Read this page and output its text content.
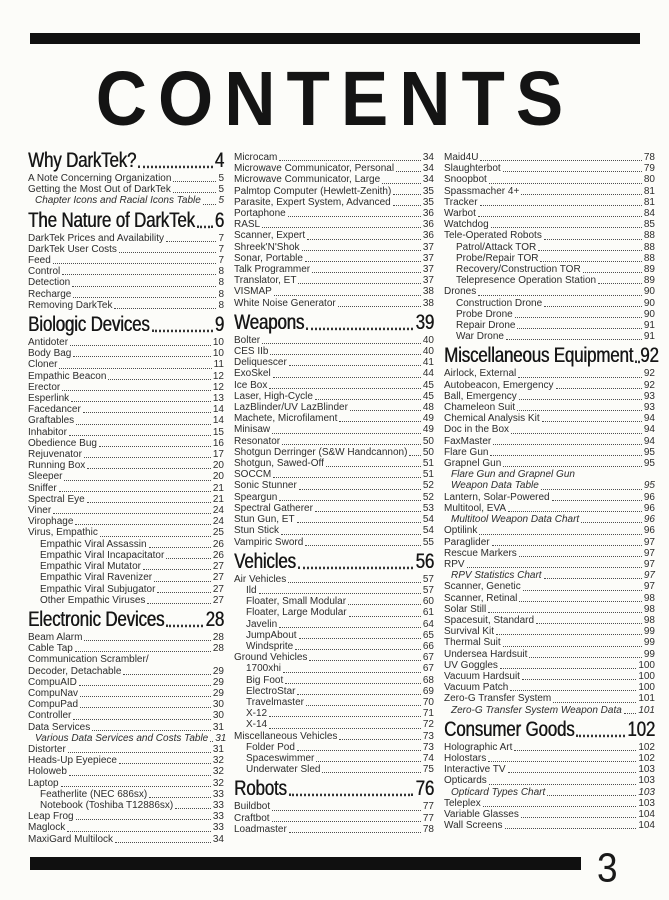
CONTENTS
Why DarkTek?	4
A Note Concerning Organization	5
Getting the Most Out of DarkTek	5
Chapter Icons and Racial Icons Table 5
The Nature of DarkTek 6
DarkTek Prices and Availability	7
DarkTek User Costs	7
Feed	7
Control	8
Detection	8
Recharge	8
Removing DarkTek	8
Biologic Devices	9
Antidoter	10
Body Bag	10
Cloner	11
Empathic Beacon	12
Erector	12
Esperlink	13
Facedancer	14
Graftables	14
Inhabitor	15
Obedience Bug	16
Rejuvenator	17
Running Box	20
Sleeper	20
Sniffer	21
Spectral Eye	21
Viner	24
Virophage	24
Virus, Empathic	25
Empathic Viral Assassin	26
Empathic Viral Incapacitator	26
Empathic Viral Mutator	27
Empathic Viral Ravenizer	27
Empathic Viral Subjugator	27
Other Empathic Viruses	27
Electronic Devices 28
Beam Alarm	28
Cable Tap	28
Communication Scrambler/
Decoder, Detachable	29
CompuAID	29
CompuNav	29
CompuPad	30
Controller	30
Data Services	31
Various Data Services and Costs Table 31
Distorter	31
Heads-Up Eyepiece	32
Holoweb	32
Laptop	32
Featherlite (NEC 686sx)	33
Notebook (Toshiba T12886sx)	33
Leap Frog	33
Maglock	33
MaxiGard Multilock	34
Microcam	34
Microwave Communicator, Personal	34
Microwave Communicator, Large	34
Palmtop Computer (Hewlett-Zenith)	35
Parasite, Expert System, Advanced	35
Portaphone	36
RASL	36
Scanner, Expert	36
Shreek'N'Shok	37
Sonar, Portable	37
Talk Programmer	37
Translator, ET	37
VISMAP	38
White Noise Generator	38
Weapons	39
Bolter	40
CES IIb	40
Deliquescer	41
ExoSkel	44
Ice Box	45
Laser, High-Cycle	45
LazBlinder/UV LazBlinder	48
Machete, Microfilament	49
Minisaw	49
Resonator	50
Shotgun Derringer (S&W Handcannon) 50
Shotgun, Sawed-Off	51
SOCCM	51
Sonic Stunner	52
Speargun	52
Spectral Gatherer	53
Stun Gun, ET	54
Stun Stick	54
Vampiric Sword	55
Vehicles	56
Air Vehicles	57
Ild	57
Floater, Small Modular	60
Floater, Large Modular	61
Javelin	64
JumpAbout	65
Windsprite	66
Ground Vehicles	67
1700xhi	67
Big Foot	68
ElectroStar	69
Travelmaster	70
X-12	71
X-14	72
Miscellaneous Vehicles	73
Folder Pod	73
Spaceswimmer	74
Underwater Sled	75
Robots	76
Buildbot	77
Craftbot	77
Loadmaster	78
Maid4U	78
Slaughterbot	79
Snoopbot	80
Spassmacher 4+	81
Tracker	81
Warbot	84
Watchdog	85
Tele-Operated Robots	88
Patrol/Attack TOR	88
Probe/Repair TOR	88
Recovery/Construction TOR	89
Telepresence Operation Station	89
Drones	90
Construction Drone	90
Probe Drone	90
Repair Drone	91
War Drone	91
Miscellaneous Equipment 92
Airlock, External	92
Autobeacon, Emergency	92
Ball, Emergency	93
Chameleon Suit	93
Chemical Analysis Kit	94
Doc in the Box	94
FaxMaster	94
Flare Gun	95
Grapnel Gun	95
Flare Gun and Grapnel Gun
Weapon Data Table	95
Lantern, Solar-Powered	96
Multitool, EVA	96
Multitool Weapon Data Chart	96
Optilink	96
Paraglider	97
Rescue Markers	97
RPV	97
RPV Statistics Chart	97
Scanner, Genetic	97
Scanner, Retinal	98
Solar Still	98
Spacesuit, Standard	98
Survival Kit	99
Thermal Suit	99
Undersea Hardsuit	99
UV Goggles	100
Vacuum Hardsuit	100
Vacuum Patch	100
Zero-G Transfer System	101
Zero-G Transfer System Weapon Data 101
Consumer Goods	102
Holographic Art	102
Holostars	102
Interactive TV	103
Opticards	103
Opticard Types Chart	103
Teleplex	103
Variable Glasses	104
Wall Screens	104
3
